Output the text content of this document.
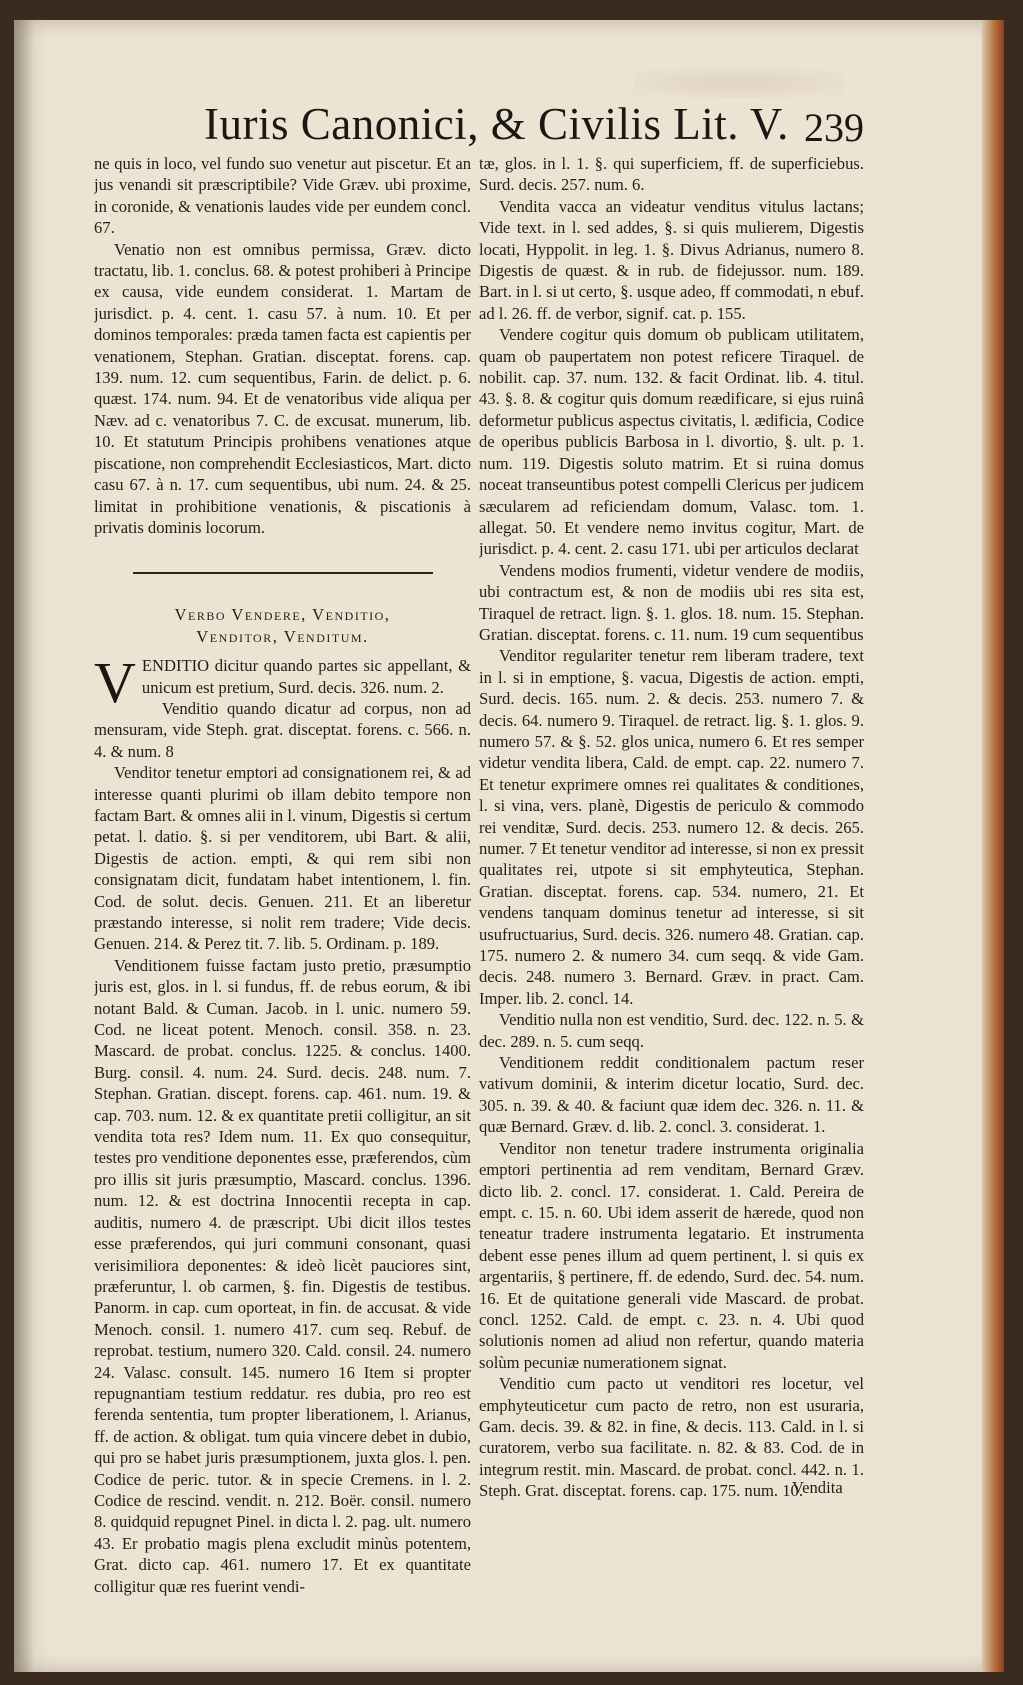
Iuris Canonici, & Civilis Lit. V. 239

ne quis in loco, vel fundo suo venetur aut piscetur. Et an jus venandi sit præscriptibile? Vide Græv. ubi proxime, in coronide, & venationis laudes vide per eundem concl. 67.

Venatio non est omnibus permissa, Græv. dicto tractatu, lib. 1. conclus. 68. & potest prohiberi à Principe ex causa, vide eundem considerat. 1. Martam de jurisdict. p. 4. cent. 1. casu 57. à num. 10. Et per dominos temporales: præda tamen facta est capientis per venationem, Stephan. Gratian. disceptat. forens. cap. 139. num. 12. cum sequentibus, Farin. de delict. p. 6. quæst. 174. num. 94. Et de venatoribus vide aliqua per Næv. ad c. venatoribus 7. C. de excusat. munerum, lib. 10. Et statutum Principis prohibens venationes atque piscatione, non comprehendit Ecclesiasticos, Mart. dicto casu 67. à n. 17. cum sequentibus, ubi num. 24. & 25. limitat in prohibitione venationis, & piscationis à privatis dominis locorum.

Verbo Vendere, Venditio,
Venditor, Venditum.

VENDITIO dicitur quando partes sic appellant, & unicum est pretium, Surd. decis. 326. num. 2.

Venditio quando dicatur ad corpus, non ad mensuram, vide Steph. grat. disceptat. forens. c. 566. n. 4. & num. 8

Venditor tenetur emptori ad consignationem rei, & ad interesse quanti plurimi ob illam debito tempore non factam Bart. & omnes alii in l. vinum, Digestis si certum petat. l. datio. §. si per venditorem, ubi Bart. & alii, Digestis de action. empti, & qui rem sibi non consignatam dicit, fundatam habet intentionem, l. fin. Cod. de solut. decis. Genuen. 211. Et an liberetur præstando interesse, si nolit rem tradere; Vide decis. Genuen. 214. & Perez tit. 7. lib. 5. Ordinam. p. 189.

Venditionem fuisse factam justo pretio, præsumptio juris est, glos. in l. si fundus, ff. de rebus eorum, & ibi notant Bald. & Cuman. Jacob. in l. unic. numero 59. Cod. ne liceat potent. Menoch. consil. 358. n. 23. Mascard. de probat. conclus. 1225. & conclus. 1400. Burg. consil. 4. num. 24. Surd. decis. 248. num. 7. Stephan. Gratian. discept. forens. cap. 461. num. 19. & cap. 703. num. 12. & ex quantitate pretii colligitur, an sit vendita tota res? Idem num. 11. Ex quo consequitur, testes pro venditione deponentes esse, præferendos, cùm pro illis sit juris præsumptio, Mascard. conclus. 1396. num. 12. & est doctrina Innocentii recepta in cap. auditis, numero 4. de præscript. Ubi dicit illos testes esse præferendos, qui juri communi consonant, quasi verisimiliora deponentes: & ideò licèt pauciores sint, præferuntur, l. ob carmen, §. fin. Digestis de testibus. Panorm. in cap. cum oporteat, in fin. de accusat. & vide Menoch. consil. 1. numero 417. cum seq. Rebuf. de reprobat. testium, numero 320. Cald. consil. 24. numero 24. Valasc. consult. 145. numero 16 Item si propter repugnantiam testium reddatur. res dubia, pro reo est ferenda sententia, tum propter liberationem, l. Arianus, ff. de action. & obligat. tum quia vincere debet in dubio, qui pro se habet juris præsumptionem, juxta glos. l. pen. Codice de peric. tutor. & in specie Cremens. in l. 2. Codice de rescind. vendit. n. 212. Boër. consil. numero 8. quidquid repugnet Pinel. in dicta l. 2. pag. ult. numero 43. Er probatio magis plena excludit minùs potentem, Grat. dicto cap. 461. numero 17. Et ex quantitate colligitur quæ res fuerint vendi-

tæ, glos. in l. 1. §. qui superficiem, ff. de superficiebus. Surd. decis. 257. num. 6.

Vendita vacca an videatur venditus vitulus lactans; Vide text. in l. sed addes, §. si quis mulierem, Digestis locati, Hyppolit. in leg. 1. §. Divus Adrianus, numero 8. Digestis de quæst. & in rub. de fidejussor. num. 189. Bart. in l. si ut certo, §. usque adeo, ff commodati, n ebuf. ad l. 26. ff. de verbor, signif. cat. p. 155.

Vendere cogitur quis domum ob publicam utilitatem, quam ob paupertatem non potest reficere Tiraquel. de nobilit. cap. 37. num. 132. & facit Ordinat. lib. 4. titul. 43. §. 8. & cogitur quis domum reædificare, si ejus ruinâ deformetur publicus aspectus civitatis, l. ædificia, Codice de operibus publicis Barbosa in l. divortio, §. ult. p. 1. num. 119. Digestis soluto matrim. Et si ruina domus noceat transeuntibus potest compelli Clericus per judicem sæcularem ad reficiendam domum, Valasc. tom. 1. allegat. 50. Et vendere nemo invitus cogitur, Mart. de jurisdict. p. 4. cent. 2. casu 171. ubi per articulos declarat

Vendens modios frumenti, videtur vendere de modiis, ubi contractum est, & non de modiis ubi res sita est, Tiraquel de retract. lign. §. 1. glos. 18. num. 15. Stephan. Gratian. disceptat. forens. c. 11. num. 19 cum sequentibus

Venditor regulariter tenetur rem liberam tradere, text in l. si in emptione, §. vacua, Digestis de action. empti, Surd. decis. 165. num. 2. & decis. 253. numero 7. & decis. 64. numero 9. Tiraquel. de retract. lig. §. 1. glos. 9. numero 57. & §. 52. glos unica, numero 6. Et res semper videtur vendita libera, Cald. de empt. cap. 22. numero 7. Et tenetur exprimere omnes rei qualitates & conditiones, l. si vina, vers. planè, Digestis de periculo & commodo rei venditæ, Surd. decis. 253. numero 12. & decis. 265. numer. 7 Et tenetur venditor ad interesse, si non ex pressit qualitates rei, utpote si sit emphyteutica, Stephan. Gratian. disceptat. forens. cap. 534. numero, 21. Et vendens tanquam dominus tenetur ad interesse, si sit usufructuarius, Surd. decis. 326. numero 48. Gratian. cap. 175. numero 2. & numero 34. cum seqq. & vide Gam. decis. 248. numero 3. Bernard. Græv. in pract. Cam. Imper. lib. 2. concl. 14.

Venditio nulla non est venditio, Surd. dec. 122. n. 5. & dec. 289. n. 5. cum seqq.

Venditionem reddit conditionalem pactum reser vativum dominii, & interim dicetur locatio, Surd. dec. 305. n. 39. & 40. & faciunt quæ idem dec. 326. n. 11. & quæ Bernard. Græv. d. lib. 2. concl. 3. considerat. 1.

Venditor non tenetur tradere instrumenta originalia emptori pertinentia ad rem venditam, Bernard Græv. dicto lib. 2. concl. 17. considerat. 1. Cald. Pereira de empt. c. 15. n. 60. Ubi idem asserit de hærede, quod non teneatur tradere instrumenta legatario. Et instrumenta debent esse penes illum ad quem pertinent, l. si quis ex argentariis, § pertinere, ff. de edendo, Surd. dec. 54. num. 16. Et de quitatione generali vide Mascard. de probat. concl. 1252. Cald. de empt. c. 23. n. 4. Ubi quod solutionis nomen ad aliud non refertur, quando materia solùm pecuniæ numerationem signat.

Venditio cum pacto ut venditori res locetur, vel emphyteuticetur cum pacto de retro, non est usuraria, Gam. decis. 39. & 82. in fine, & decis. 113. Cald. in l. si curatorem, verbo sua facilitate. n. 82. & 83. Cod. de in integrum restit. min. Mascard. de probat. concl. 442. n. 1. Steph. Grat. disceptat. forens. cap. 175. num. 10.

Vendita
